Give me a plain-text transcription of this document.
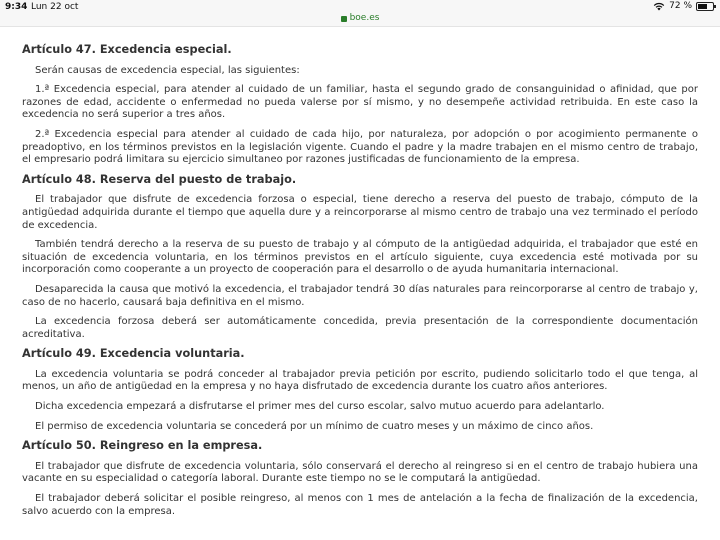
9:34 Lun 22 oct	72 %
boe.es
Artículo 47. Excedencia especial.

Serán causas de excedencia especial, las siguientes:

1.ª Excedencia especial, para atender al cuidado de un familiar, hasta el segundo grado de consanguinidad o afinidad, que por razones de edad, accidente o enfermedad no pueda valerse por sí mismo, y no desempeñe actividad retribuida. En este caso la excedencia no será superior a tres años.

2.ª Excedencia especial para atender al cuidado de cada hijo, por naturaleza, por adopción o por acogimiento permanente o preadoptivo, en los términos previstos en la legislación vigente. Cuando el padre y la madre trabajen en el mismo centro de trabajo, el empresario podrá limitara su ejercicio simultaneo por razones justificadas de funcionamiento de la empresa.

Artículo 48. Reserva del puesto de trabajo.

El trabajador que disfrute de excedencia forzosa o especial, tiene derecho a reserva del puesto de trabajo, cómputo de la antigüedad adquirida durante el tiempo que aquella dure y a reincorporarse al mismo centro de trabajo una vez terminado el período de excedencia.

También tendrá derecho a la reserva de su puesto de trabajo y al cómputo de la antigüedad adquirida, el trabajador que esté en situación de excedencia voluntaria, en los términos previstos en el artículo siguiente, cuya excedencia esté motivada por su incorporación como cooperante a un proyecto de cooperación para el desarrollo o de ayuda humanitaria internacional.

Desaparecida la causa que motivó la excedencia, el trabajador tendrá 30 días naturales para reincorporarse al centro de trabajo y, caso de no hacerlo, causará baja definitiva en el mismo.

La excedencia forzosa deberá ser automáticamente concedida, previa presentación de la correspondiente documentación acreditativa.

Artículo 49. Excedencia voluntaria.

La excedencia voluntaria se podrá conceder al trabajador previa petición por escrito, pudiendo solicitarlo todo el que tenga, al menos, un año de antigüedad en la empresa y no haya disfrutado de excedencia durante los cuatro años anteriores.

Dicha excedencia empezará a disfrutarse el primer mes del curso escolar, salvo mutuo acuerdo para adelantarlo.

El permiso de excedencia voluntaria se concederá por un mínimo de cuatro meses y un máximo de cinco años.

Artículo 50. Reingreso en la empresa.

El trabajador que disfrute de excedencia voluntaria, sólo conservará el derecho al reingreso si en el centro de trabajo hubiera una vacante en su especialidad o categoría laboral. Durante este tiempo no se le computará la antigüedad.

El trabajador deberá solicitar el posible reingreso, al menos con 1 mes de antelación a la fecha de finalización de la excedencia, salvo acuerdo con la empresa.
